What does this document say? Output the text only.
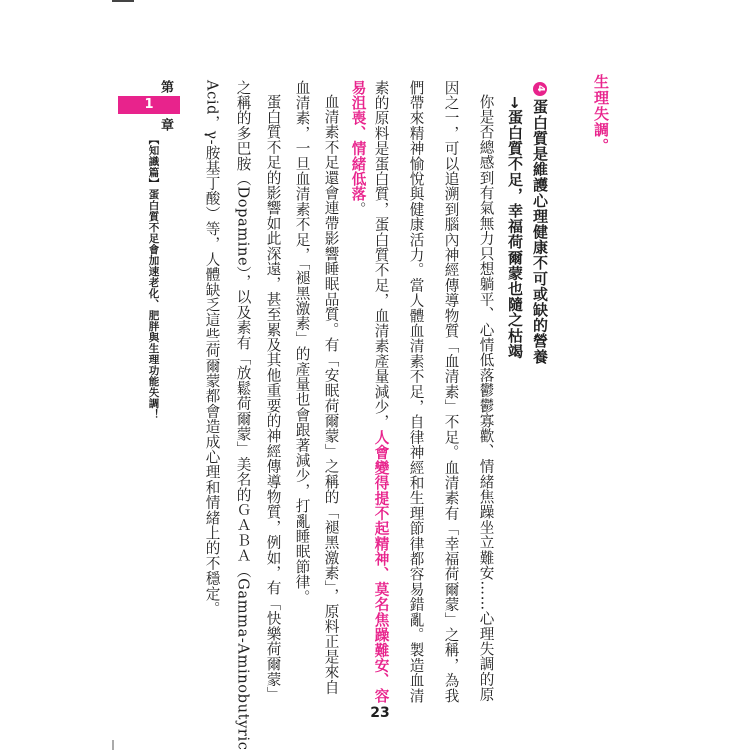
生理失調。
4蛋白質是維護心理健康不可或缺的營養
→蛋白質不足，幸福荷爾蒙也隨之枯竭
你是否總感到有氣無力只想躺平、心情低落鬱鬱寡歡、情緒焦躁坐立難安……心理失調的原
因之一，可以追溯到腦內神經傳導物質「血清素」不足。血清素有「幸福荷爾蒙」之稱，為我
們帶來精神愉悅與健康活力。當人體血清素不足，自律神經和生理節律都容易錯亂。製造血清
素的原料是蛋白質，蛋白質不足，血清素產量減少，人會變得提不起精神、莫名焦躁難安、容
易沮喪、情緒低落。
血清素不足還會連帶影響睡眠品質。有「安眠荷爾蒙」之稱的「褪黑激素」，原料正是來自
血清素，一旦血清素不足，「褪黑激素」的產量也會跟著減少，打亂睡眠節律。
蛋白質不足的影響如此深遠，甚至累及其他重要的神經傳導物質，例如，有「快樂荷爾蒙」
之稱的多巴胺（Dopamine），以及素有「放鬆荷爾蒙」美名的ＧＡＢＡ（Gamma-Aminobutyric
Acid，γ-胺基丁酸）等，人體缺乏這些荷爾蒙都會造成心理和情緒上的不穩定。
第
1
章
【知識篇】蛋白質不足會加速老化、肥胖與生理功能失調！
23
